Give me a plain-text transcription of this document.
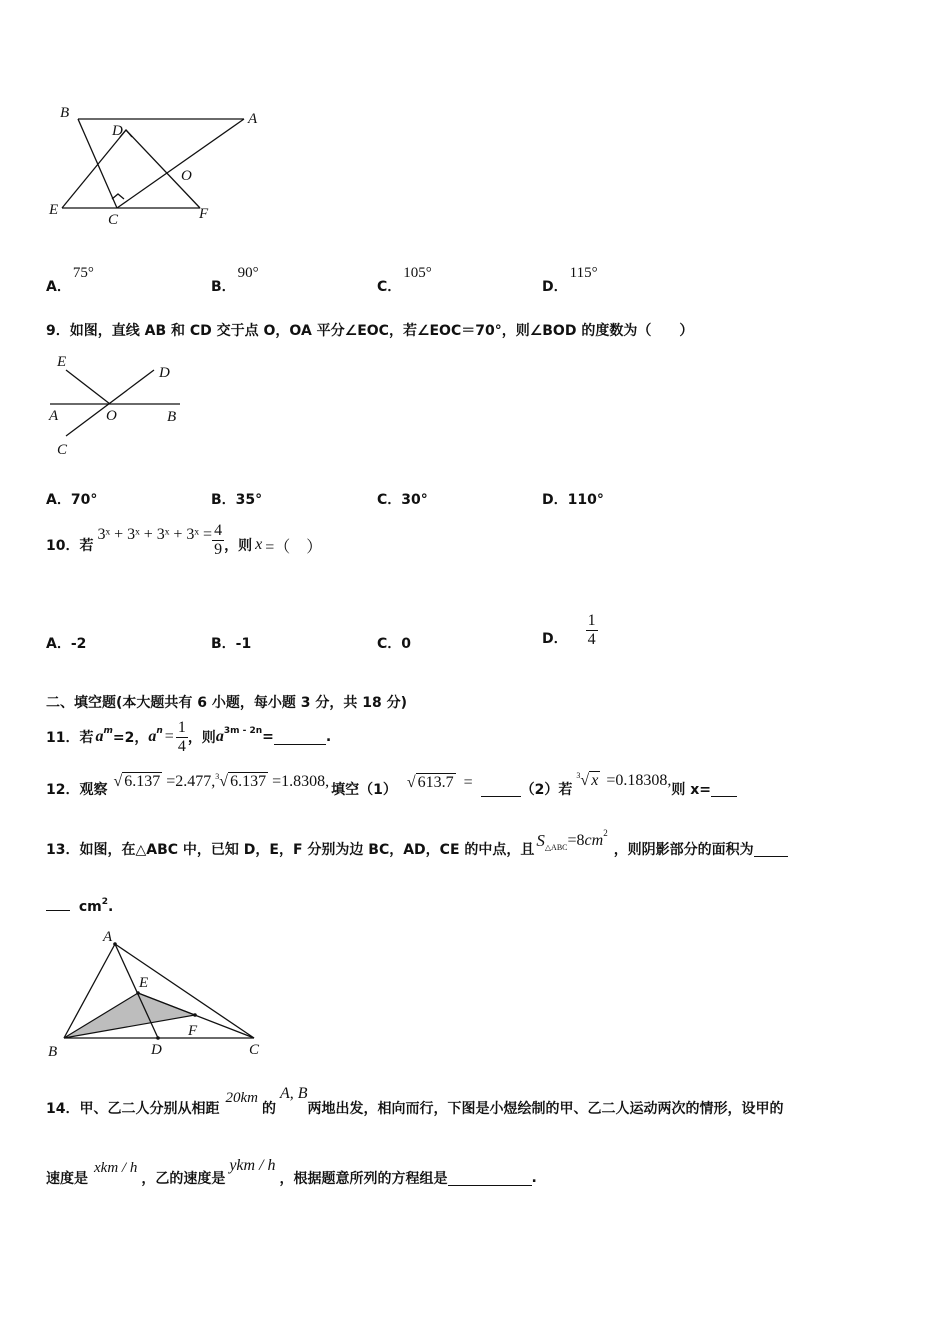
B	A
D
O
E
C	F
A．75°
B．90°
C．105°
D．115°
9．如图，直线 AB 和 CD 交于点 O，OA 平分∠EOC，若∠EOC＝70°，则∠BOD 的度数为（　　）
E
D
A	O	B
C
A．70°	B．35°	C．30°	D．110°
10．若
3ˣ + 3ˣ + 3ˣ + 3ˣ = $\frac{4}{9}$ ，则 x =（　）
A．-2	B．-1	C．0	D． $\frac{1}{4}$
二、填空题(本大题共有 6 小题，每小题 3 分，共 18 分)
11．若 a m =2， a $n = \frac{1}{4}$ ，则 a 3m - 2n =	.
12．观察 √ 6.137 =2.477, $^3$√ 6.137 =1.8308, 填空（1） √ 613.7 =	（2）若
$^3$√ x =0.18308,
则 x=
13．如图，在△ABC 中，已知 D，E，F 分别为边 BC，AD，CE 的中点，且 S △ABC =8 cm 2
，则阴影部分的面积为
$cm^2$.
A
E
F
B	D	C
14．甲、乙二人分别从相距
20km
的
A, B
两地出发，相向而行，下图是小煜绘制的甲、乙二人运动两次的情形，设甲的
速度是
xkm / h
，乙的速度是
ykm / h
，根据题意所列的方程组是	.
